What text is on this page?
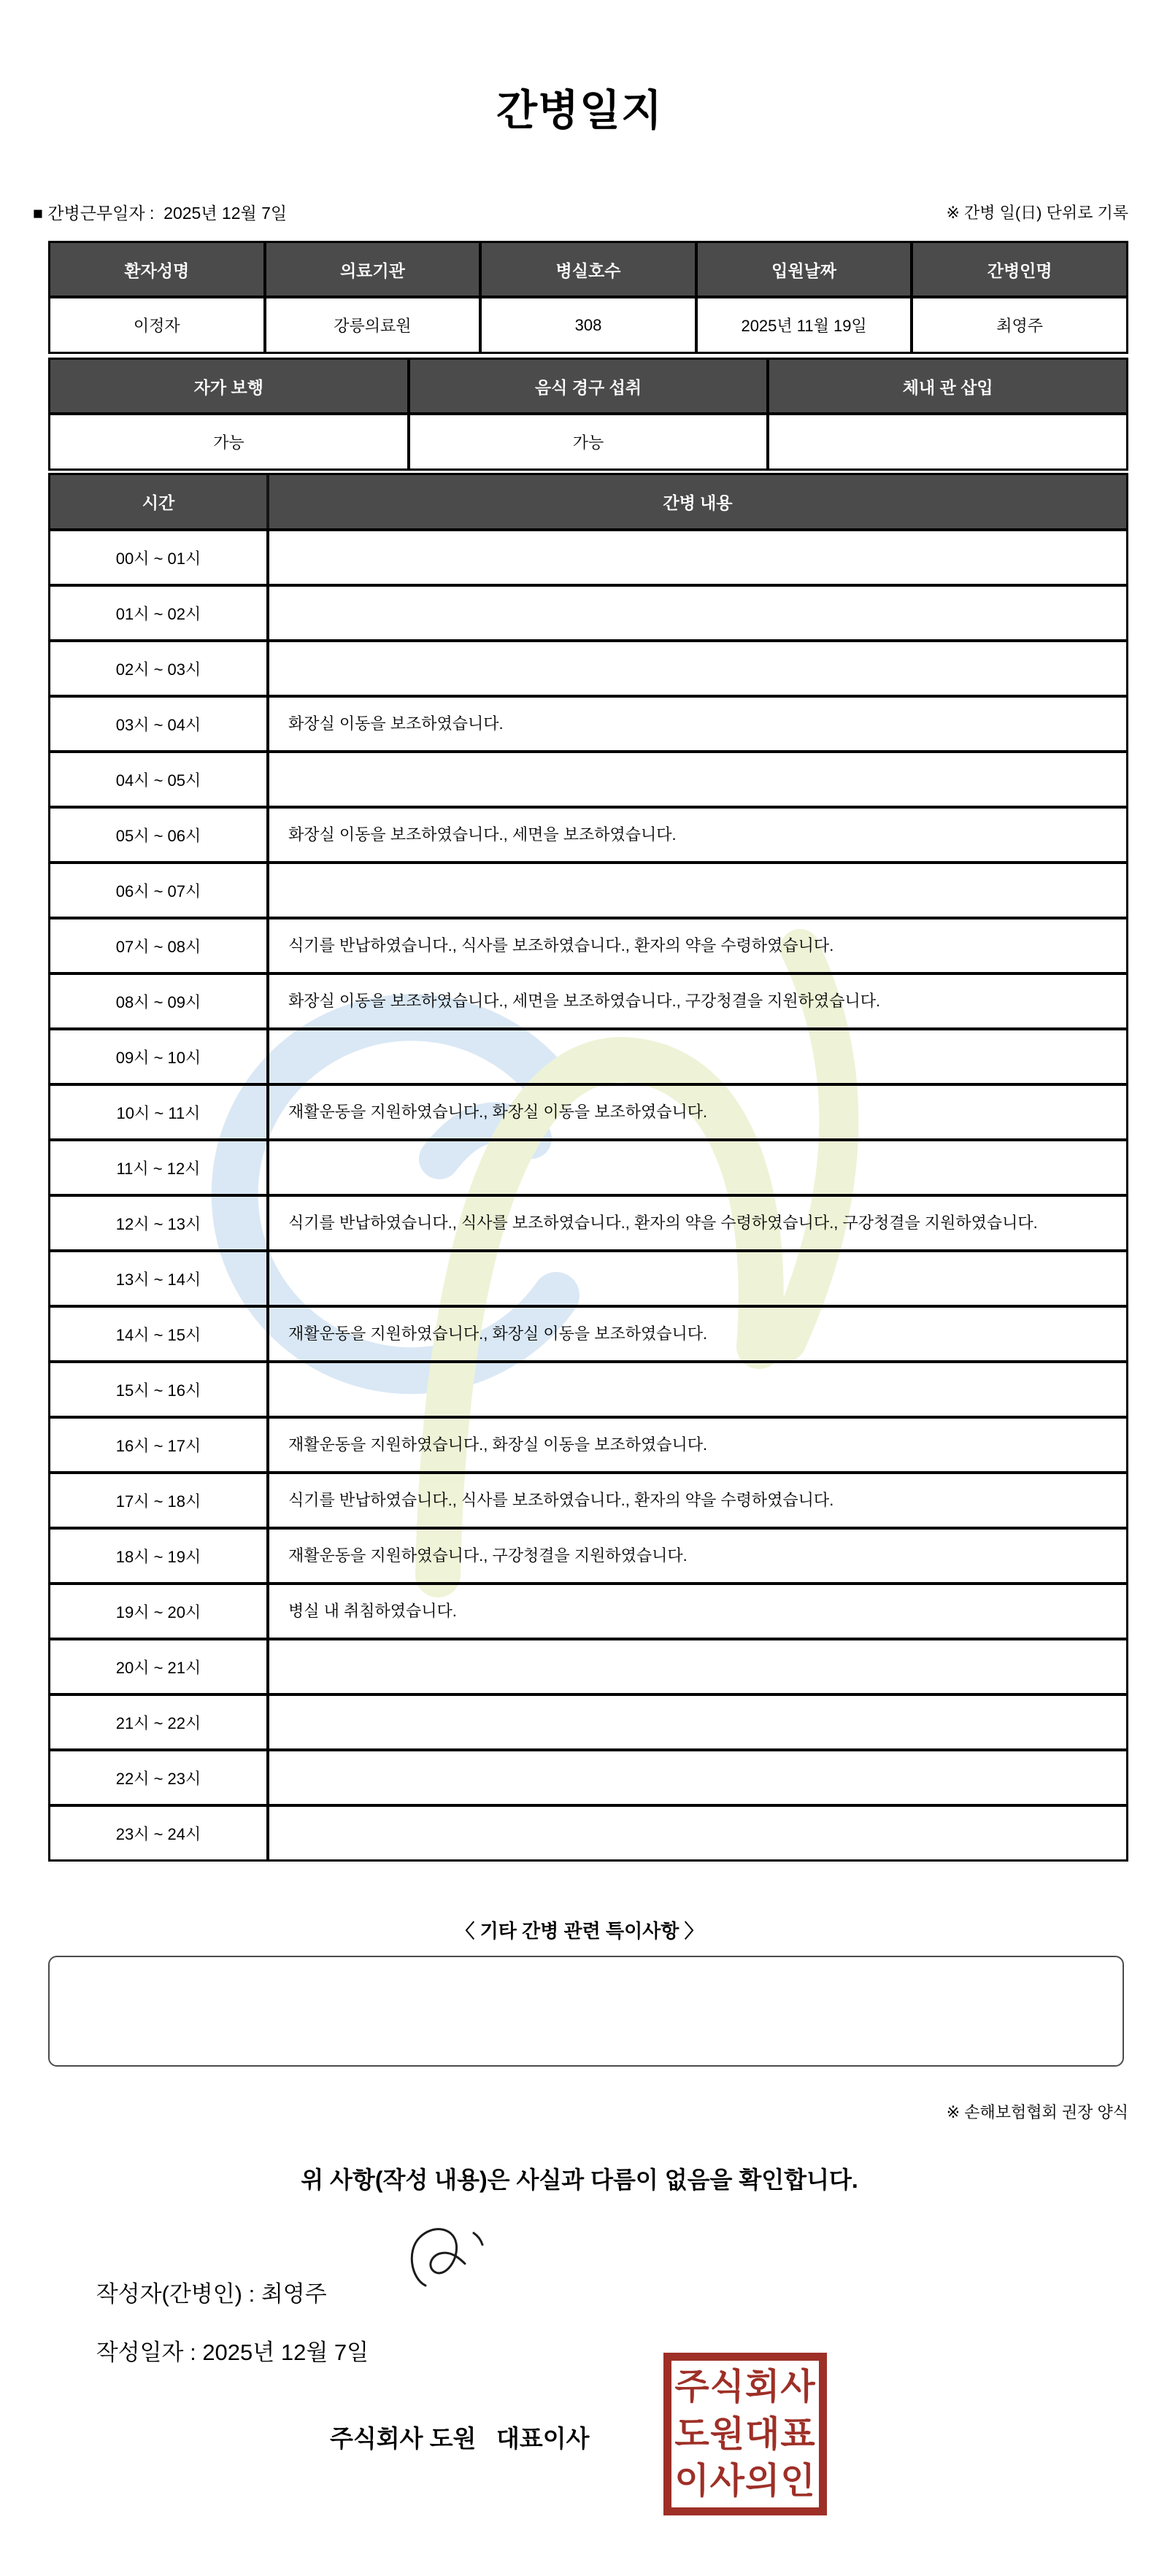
간병일지
■ 간병근무일자 :  2025년 12월 7일	※ 간병 일(日) 단위로 기록
환자성명	의료기관	병실호수	입원날짜	간병인명
이정자	강릉의료원	308	2025년 11월 19일	최영주
자가 보행	음식 경구 섭취	체내 관 삽입
가능	가능
시간	간병 내용
00시 ~ 01시
01시 ~ 02시
02시 ~ 03시
03시 ~ 04시	화장실 이동을 보조하였습니다.
04시 ~ 05시
05시 ~ 06시	화장실 이동을 보조하였습니다., 세면을 보조하였습니다.
06시 ~ 07시
07시 ~ 08시	식기를 반납하였습니다., 식사를 보조하였습니다., 환자의 약을 수령하였습니다.
08시 ~ 09시	화장실 이동을 보조하였습니다., 세면을 보조하였습니다., 구강청결을 지원하였습니다.
09시 ~ 10시
10시 ~ 11시	재활운동을 지원하였습니다., 화장실 이동을 보조하였습니다.
11시 ~ 12시
12시 ~ 13시	식기를 반납하였습니다., 식사를 보조하였습니다., 환자의 약을 수령하였습니다., 구강청결을 지원하였습니다.
13시 ~ 14시
14시 ~ 15시	재활운동을 지원하였습니다., 화장실 이동을 보조하였습니다.
15시 ~ 16시
16시 ~ 17시	재활운동을 지원하였습니다., 화장실 이동을 보조하였습니다.
17시 ~ 18시	식기를 반납하였습니다., 식사를 보조하였습니다., 환자의 약을 수령하였습니다.
18시 ~ 19시	재활운동을 지원하였습니다., 구강청결을 지원하였습니다.
19시 ~ 20시	병실 내 취침하였습니다.
20시 ~ 21시
21시 ~ 22시
22시 ~ 23시
23시 ~ 24시
〈 기타 간병 관련 특이사항 〉
※ 손해보험협회 권장 양식
위 사항(작성 내용)은 사실과 다름이 없음을 확인합니다.

작성자(간병인) : 최영주

작성일자 : 2025년 12월 7일

주식회사 도원   대표이사
주식회사
도원대표
이사의인
